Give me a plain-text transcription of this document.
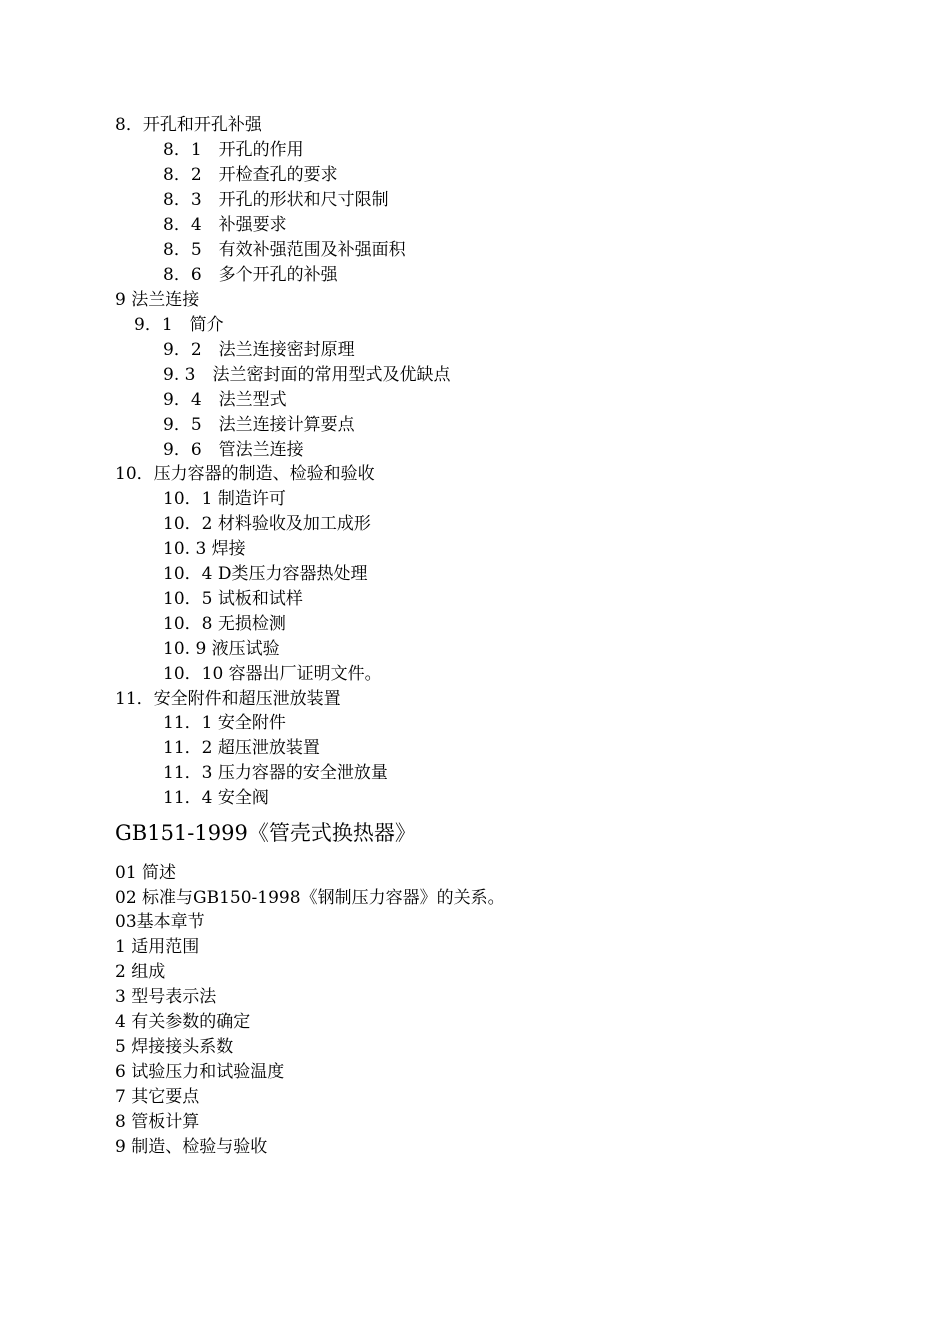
8．开孔和开孔补强
8．1　开孔的作用
8．2　开检查孔的要求
8．3　开孔的形状和尺寸限制
8．4　补强要求
8．5　有效补强范围及补强面积
8．6　多个开孔的补强
9 法兰连接
9．1　简介
9．2　法兰连接密封原理
9. 3　法兰密封面的常用型式及优缺点
9．4　法兰型式
9．5　法兰连接计算要点
9．6　管法兰连接
10．压力容器的制造、检验和验收
10．1 制造许可
10．2 材料验收及加工成形
10. 3 焊接
10．4 D类压力容器热处理
10．5 试板和试样
10．8 无损检测
10. 9 液压试验
10．10 容器出厂证明文件。
11．安全附件和超压泄放装置
11．1 安全附件
11．2 超压泄放装置
11．3 压力容器的安全泄放量
11．4 安全阀
GB151-1999《管壳式换热器》
01 简述
02 标准与GB150-1998《钢制压力容器》的关系。
03基本章节
1 适用范围
2 组成
3 型号表示法
4 有关参数的确定
5 焊接接头系数
6 试验压力和试验温度
7 其它要点
8 管板计算
9 制造、检验与验收
